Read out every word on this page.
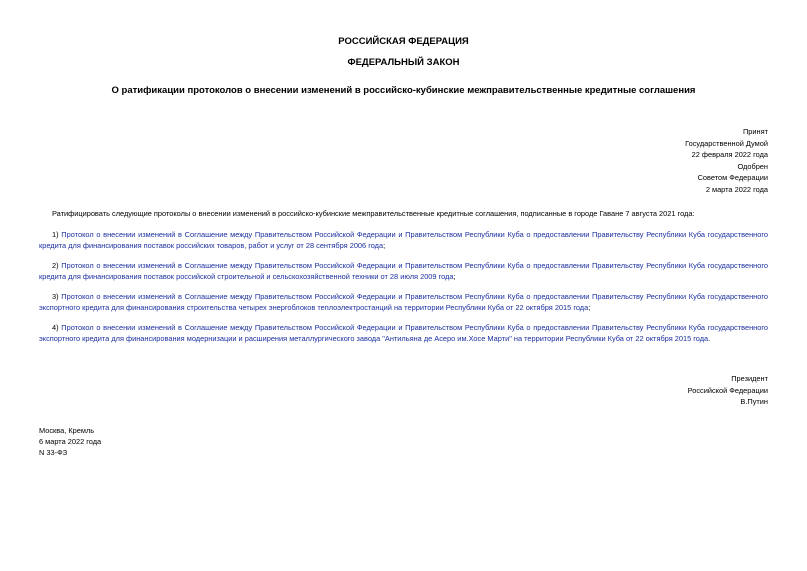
РОССИЙСКАЯ ФЕДЕРАЦИЯ
ФЕДЕРАЛЬНЫЙ ЗАКОН
О ратификации протоколов о внесении изменений в российско-кубинские межправительственные кредитные соглашения
Принят
Государственной Думой
22 февраля 2022 года
Одобрен
Советом Федерации
2 марта 2022 года
Ратифицировать следующие протоколы о внесении изменений в российско-кубинские межправительственные кредитные соглашения, подписанные в городе Гаване 7 августа 2021 года:
1) Протокол о внесении изменений в Соглашение между Правительством Российской Федерации и Правительством Республики Куба о предоставлении Правительству Республики Куба государственного кредита для финансирования поставок российских товаров, работ и услуг от 28 сентября 2006 года;
2) Протокол о внесении изменений в Соглашение между Правительством Российской Федерации и Правительством Республики Куба о предоставлении Правительству Республики Куба государственного кредита для финансирования поставок российской строительной и сельскохозяйственной техники от 28 июля 2009 года;
3) Протокол о внесении изменений в Соглашение между Правительством Российской Федерации и Правительством Республики Куба о предоставлении Правительству Республики Куба государственного экспортного кредита для финансирования строительства четырех энергоблоков теплоэлектростанций на территории Республики Куба от 22 октября 2015 года;
4) Протокол о внесении изменений в Соглашение между Правительством Российской Федерации и Правительством Республики Куба о предоставлении Правительству Республики Куба государственного экспортного кредита для финансирования модернизации и расширения металлургического завода "Антильяна де Асеро им.Хосе Марти" на территории Республики Куба от 22 октября 2015 года.
Президент
Российской Федерации
В.Путин
Москва, Кремль
6 марта 2022 года
N 33-ФЗ
